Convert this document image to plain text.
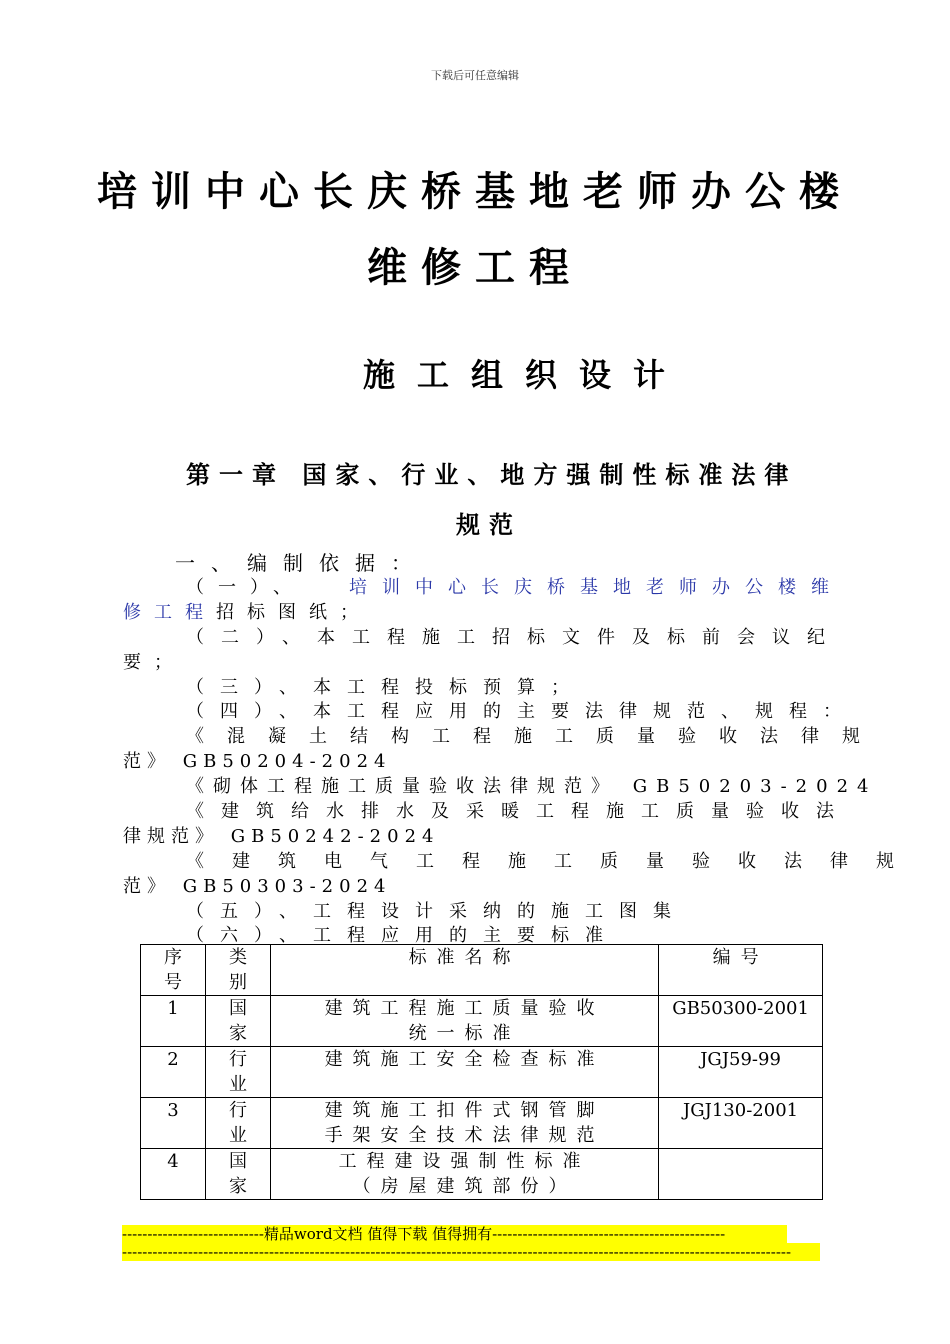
下载后可任意编辑
培训中心长庆桥基地老师办公楼
维修工程
施工组织设计
第一章 国家、行业、地方强制性标准法律
规范
一、编制依据：
（一）、 培训中心长庆桥基地老师办公楼维
修工程招标图纸；
（二）、本工程施工招标文件及标前会议纪
要；
（三）、本工程投标预算；
（四）、本工程应用的主要法律规范、规程：
《混凝土结构工程施工质量验收法律规
范》 GB50204-2024
《砌体工程施工质量验收法律规范》 GB50203-2024
《建筑给水排水及采暖工程施工质量验收法
律规范》 GB50242-2024
《建筑电气工程施工质量验收法律规
范》 GB50303-2024
（五）、工程设计采纳的施工图集
（六）、工程应用的主要标准
序号	类别	标准名称	编号
1	国家	建筑工程施工质量验收
统一标准	GB50300-2001
2	行业	建筑施工安全检查标准	JGJ59-99
3	行业	建筑施工扣件式钢管脚
手架安全技术法律规范	JGJ130-2001
4	国家	工程建设强制性标准
（房屋建筑部份）	

----------------------------精品word文档 值得下载 值得拥有----------------------------------------------
------------------------------------------------------------------------------------------------------------------------------------
